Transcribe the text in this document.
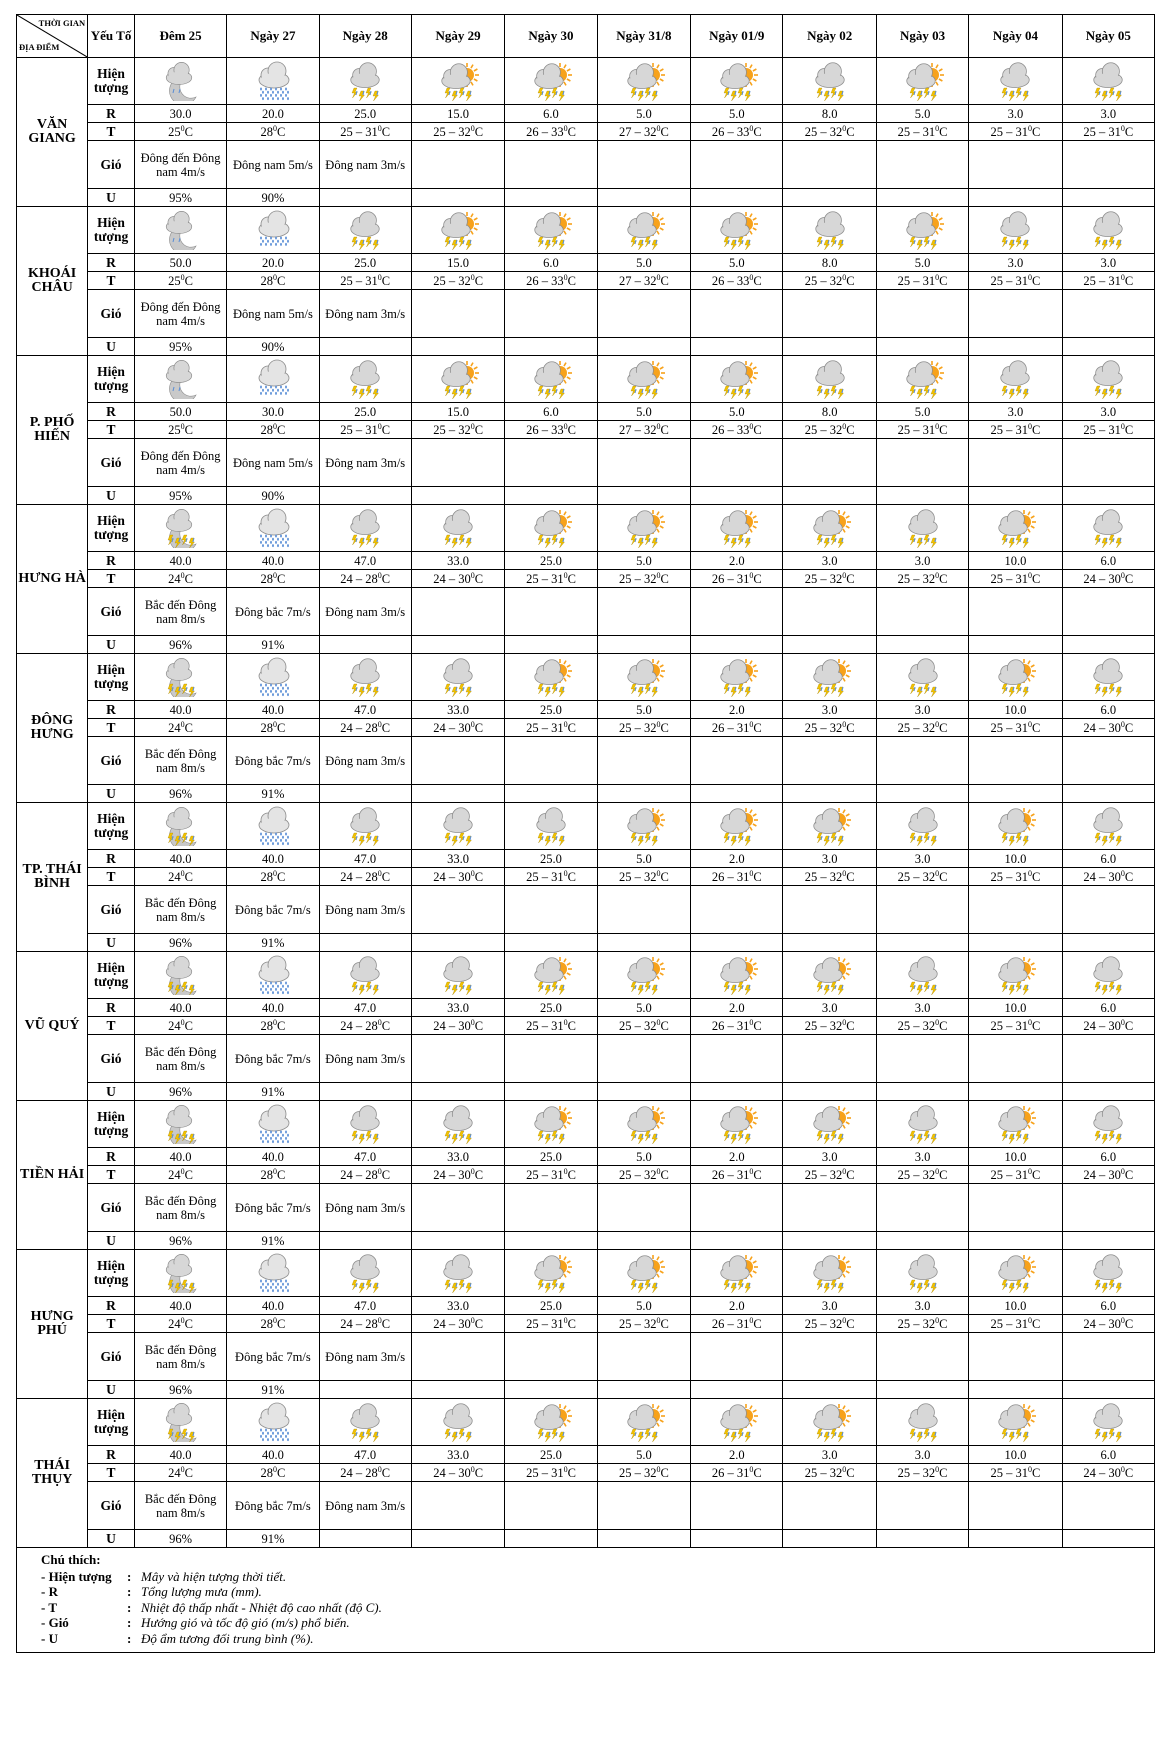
THỜI GIAN
ĐỊA ĐIỂM	Yếu Tố	Đêm 25	Ngày 27	Ngày 28	Ngày 29	Ngày 30	Ngày 31/8	Ngày 01/9	Ngày 02	Ngày 03	Ngày 04	Ngày 05
VĂN GIANG	Hiện tượng	

	R	30.0	20.0	25.0	15.0	6.0	5.0	5.0	8.0	5.0	3.0	3.0
	T	$25^0C$	$28^0C$	$25 - 31^0C$	$25 - 32^0C$	$26 - 33^0C$	$27 - 32^0C$	$26 - 33^0C$	$25 - 32^0C$	$25 - 31^0C$	$25 - 31^0C$	$25 - 31^0C$
	Gió	Đông đến Đông nam 4m/s	Đông nam 5m/s	Đông nam 3m/s								
	U	95%	90%									
KHOÁI CHÂU	Hiện tượng	

	R	50.0	20.0	25.0	15.0	6.0	5.0	5.0	8.0	5.0	3.0	3.0
	T	$25^0C$	$28^0C$	$25 - 31^0C$	$25 - 32^0C$	$26 - 33^0C$	$27 - 32^0C$	$26 - 33^0C$	$25 - 32^0C$	$25 - 31^0C$	$25 - 31^0C$	$25 - 31^0C$
	Gió	Đông đến Đông nam 4m/s	Đông nam 5m/s	Đông nam 3m/s								
	U	95%	90%									
P. PHỐ HIẾN	Hiện tượng	

	R	50.0	30.0	25.0	15.0	6.0	5.0	5.0	8.0	5.0	3.0	3.0
	T	$25^0C$	$28^0C$	$25 - 31^0C$	$25 - 32^0C$	$26 - 33^0C$	$27 - 32^0C$	$26 - 33^0C$	$25 - 32^0C$	$25 - 31^0C$	$25 - 31^0C$	$25 - 31^0C$
	Gió	Đông đến Đông nam 4m/s	Đông nam 5m/s	Đông nam 3m/s								
	U	95%	90%									
HƯNG HÀ	Hiện tượng	

	R	40.0	40.0	47.0	33.0	25.0	5.0	2.0	3.0	3.0	10.0	6.0
	T	$24^0C$	$28^0C$	$24 - 28^0C$	$24 - 30^0C$	$25 - 31^0C$	$25 - 32^0C$	$26 - 31^0C$	$25 - 32^0C$	$25 - 32^0C$	$25 - 31^0C$	$24 - 30^0C$
	Gió	Bắc đến Đông nam 8m/s	Đông bắc 7m/s	Đông nam 3m/s								
	U	96%	91%									
ĐÔNG HƯNG	Hiện tượng	

	R	40.0	40.0	47.0	33.0	25.0	5.0	2.0	3.0	3.0	10.0	6.0
	T	$24^0C$	$28^0C$	$24 - 28^0C$	$24 - 30^0C$	$25 - 31^0C$	$25 - 32^0C$	$26 - 31^0C$	$25 - 32^0C$	$25 - 32^0C$	$25 - 31^0C$	$24 - 30^0C$
	Gió	Bắc đến Đông nam 8m/s	Đông bắc 7m/s	Đông nam 3m/s								
	U	96%	91%									
TP. THÁI BÌNH	Hiện tượng	

	R	40.0	40.0	47.0	33.0	25.0	5.0	2.0	3.0	3.0	10.0	6.0
	T	$24^0C$	$28^0C$	$24 - 28^0C$	$24 - 30^0C$	$25 - 31^0C$	$25 - 32^0C$	$26 - 31^0C$	$25 - 32^0C$	$25 - 32^0C$	$25 - 31^0C$	$24 - 30^0C$
	Gió	Bắc đến Đông nam 8m/s	Đông bắc 7m/s	Đông nam 3m/s								
	U	96%	91%									
VŨ QUÝ	Hiện tượng	

	R	40.0	40.0	47.0	33.0	25.0	5.0	2.0	3.0	3.0	10.0	6.0
	T	$24^0C$	$28^0C$	$24 - 28^0C$	$24 - 30^0C$	$25 - 31^0C$	$25 - 32^0C$	$26 - 31^0C$	$25 - 32^0C$	$25 - 32^0C$	$25 - 31^0C$	$24 - 30^0C$
	Gió	Bắc đến Đông nam 8m/s	Đông bắc 7m/s	Đông nam 3m/s								
	U	96%	91%									
TIỀN HẢI	Hiện tượng	

	R	40.0	40.0	47.0	33.0	25.0	5.0	2.0	3.0	3.0	10.0	6.0
	T	$24^0C$	$28^0C$	$24 - 28^0C$	$24 - 30^0C$	$25 - 31^0C$	$25 - 32^0C$	$26 - 31^0C$	$25 - 32^0C$	$25 - 32^0C$	$25 - 31^0C$	$24 - 30^0C$
	Gió	Bắc đến Đông nam 8m/s	Đông bắc 7m/s	Đông nam 3m/s								
	U	96%	91%									
HƯNG PHÚ	Hiện tượng	

	R	40.0	40.0	47.0	33.0	25.0	5.0	2.0	3.0	3.0	10.0	6.0
	T	$24^0C$	$28^0C$	$24 - 28^0C$	$24 - 30^0C$	$25 - 31^0C$	$25 - 32^0C$	$26 - 31^0C$	$25 - 32^0C$	$25 - 32^0C$	$25 - 31^0C$	$24 - 30^0C$
	Gió	Bắc đến Đông nam 8m/s	Đông bắc 7m/s	Đông nam 3m/s								
	U	96%	91%									
THÁI THỤY	Hiện tượng	

	R	40.0	40.0	47.0	33.0	25.0	5.0	2.0	3.0	3.0	10.0	6.0
	T	$24^0C$	$28^0C$	$24 - 28^0C$	$24 - 30^0C$	$25 - 31^0C$	$25 - 32^0C$	$26 - 31^0C$	$25 - 32^0C$	$25 - 32^0C$	$25 - 31^0C$	$24 - 30^0C$
	Gió	Bắc đến Đông nam 8m/s	Đông bắc 7m/s	Đông nam 3m/s								
	U	96%	91%									
Chú thích:
- Hiện tượng	: Mây và hiện tượng thời tiết.
- R	: Tổng lượng mưa (mm).
- T	: Nhiệt độ thấp nhất - Nhiệt độ cao nhất (độ C).
- Gió	: Hướng gió và tốc độ gió (m/s) phổ biến.
- U	: Độ ẩm tương đối trung bình (%).
